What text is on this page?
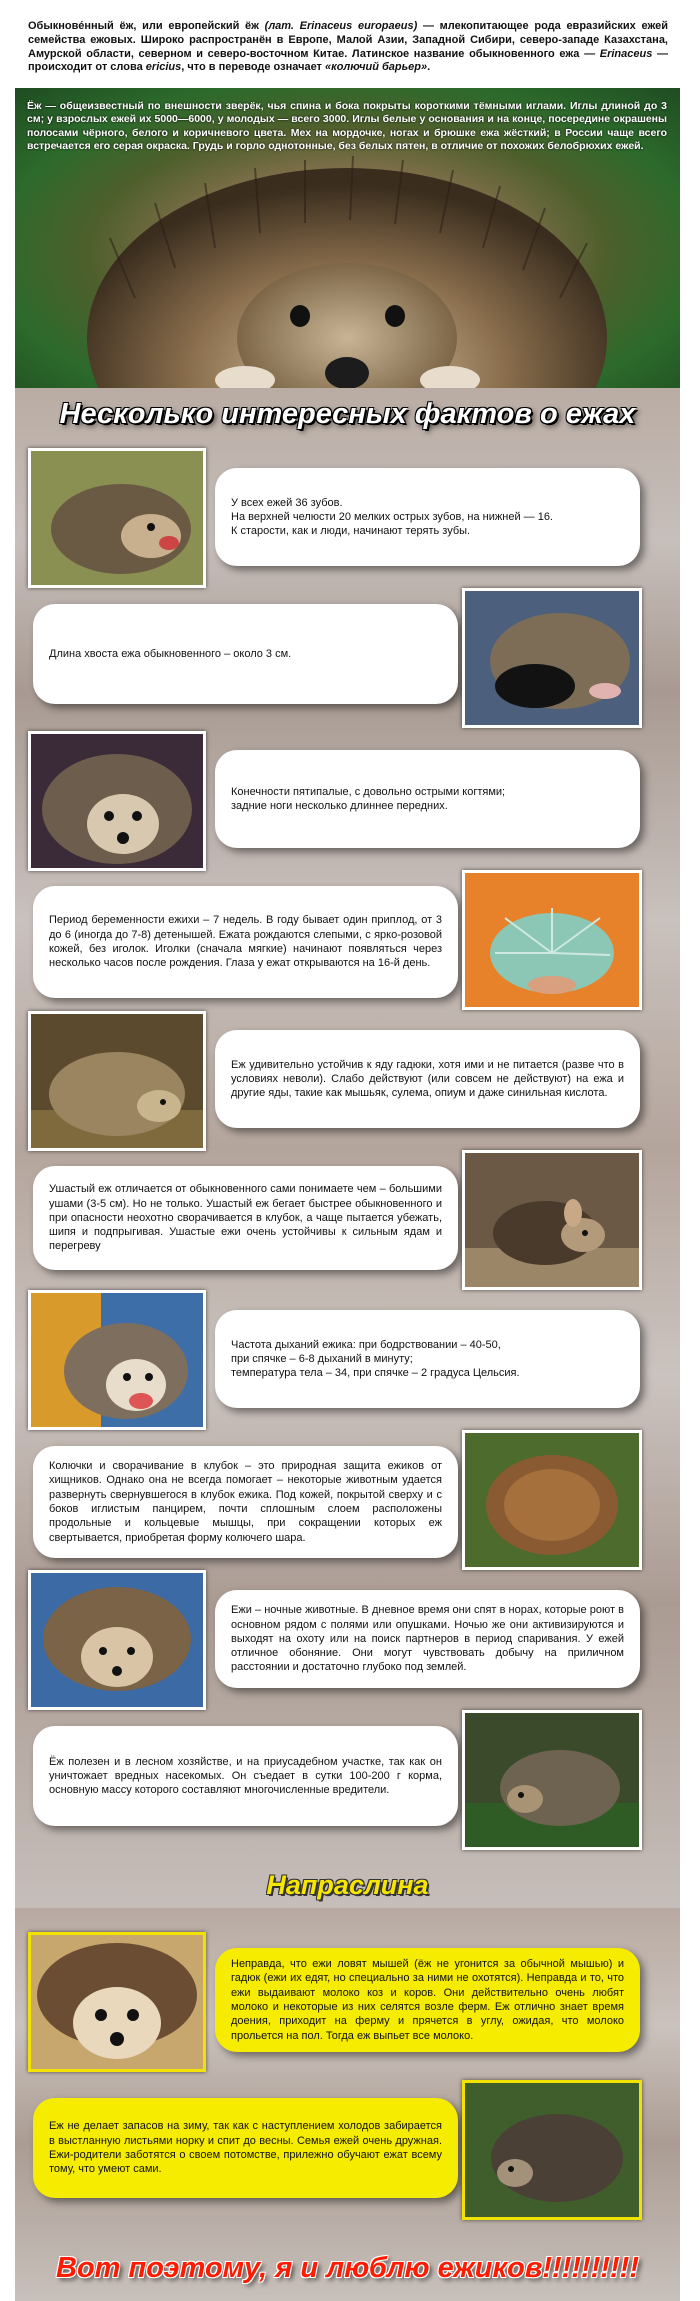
Обыкнове́нный ёж, или европейский ёж (лат. Erinaceus europaeus) — млекопитающее рода евразийских ежей семейства ежовых. Широко распространён в Европе, Малой Азии, Западной Сибири, северо-западе Казахстана, Амурской области, северном и северо-восточном Китае. Латинское название обыкновенного ежа — Erinaceus — происходит от слова ericius, что в переводе означает «колючий барьер».
Ёж — общеизвестный по внешности зверёк, чья спина и бока покрыты короткими тёмными иглами. Иглы длиной до 3 см; у взрослых ежей их 5000—6000, у молодых — всего 3000. Иглы белые у основания и на конце, посередине окрашены полосами чёрного, белого и коричневого цвета. Мех на мордочке, ногах и брюшке ежа жёсткий; в России чаще всего встречается его серая окраска. Грудь и горло однотонные, без белых пятен, в отличие от похожих белобрюхих ежей.
Несколько интересных фактов о ежах
У всех ежей 36 зубов.
На верхней челюсти 20 мелких острых зубов, на нижней — 16.
К старости, как и люди, начинают терять зубы.
Длина хвоста ежа обыкновенного – около 3 см.
Конечности пятипалые, с довольно острыми когтями;
задние ноги несколько длиннее передних.
Период беременности ежихи – 7 недель. В году бывает один приплод, от 3 до 6 (иногда до 7-8) детенышей. Ежата рождаются слепыми, с ярко-розовой кожей, без иголок. Иголки (сначала мягкие) начинают появляться через несколько часов после рождения. Глаза у ежат открываются на 16-й день.
Еж удивительно устойчив к яду гадюки, хотя ими и не питается (разве что в условиях неволи). Слабо действуют (или совсем не действуют) на ежа и другие яды, такие как мышьяк, сулема, опиум и даже синильная кислота.
Ушастый еж отличается от обыкновенного сами понимаете чем – большими ушами (3-5 см). Но не только. Ушастый еж бегает быстрее обыкновенного и при опасности неохотно сворачивается в клубок, а чаще пытается убежать, шипя и подпрыгивая. Ушастые ежи очень устойчивы к сильным ядам и перегреву
Частота дыханий ежика: при бодрствовании – 40-50,
при спячке – 6-8 дыханий в минуту;
температура тела – 34, при спячке – 2 градуса Цельсия.
Колючки и сворачивание в клубок – это природная защита ежиков от хищников. Однако она не всегда помогает – некоторые животным удается развернуть свернувшегося в клубок ежика. Под кожей, покрытой сверху и с боков иглистым панцирем, почти сплошным слоем расположены продольные и кольцевые мышцы, при сокращении которых еж свертывается, приобретая форму колючего шара.
Ежи – ночные животные. В дневное время они спят в норах, которые роют в основном рядом с полями или опушками. Ночью же они активизируются и выходят на охоту или на поиск партнеров в период спаривания. У ежей отличное обоняние. Они могут чувствовать добычу на приличном расстоянии и достаточно глубоко под землей.
Ёж полезен и в лесном хозяйстве, и на приусадебном участке, так как он уничтожает вредных насекомых. Он съедает в сутки 100-200 г корма, основную массу которого составляют многочисленные вредители.
Напраслина
Неправда, что ежи ловят мышей (ёж не угонится за обычной мышью) и гадюк (ежи их едят, но специально за ними не охотятся). Неправда и то, что ежи выдаивают молоко коз и коров. Они действительно очень любят молоко и некоторые из них селятся возле ферм. Еж отлично знает время доения, приходит на ферму и прячется в углу, ожидая, что молоко прольется на пол. Тогда еж выпьет все молоко.
Еж не делает запасов на зиму, так как с наступлением холодов забирается в выстланную листьями норку и спит до весны. Семья ежей очень дружная. Ежи-родители заботятся о своем потомстве, прилежно обучают ежат всему тому, что умеют сами.
Вот поэтому, я и люблю ежиков!!!!!!!!!!
